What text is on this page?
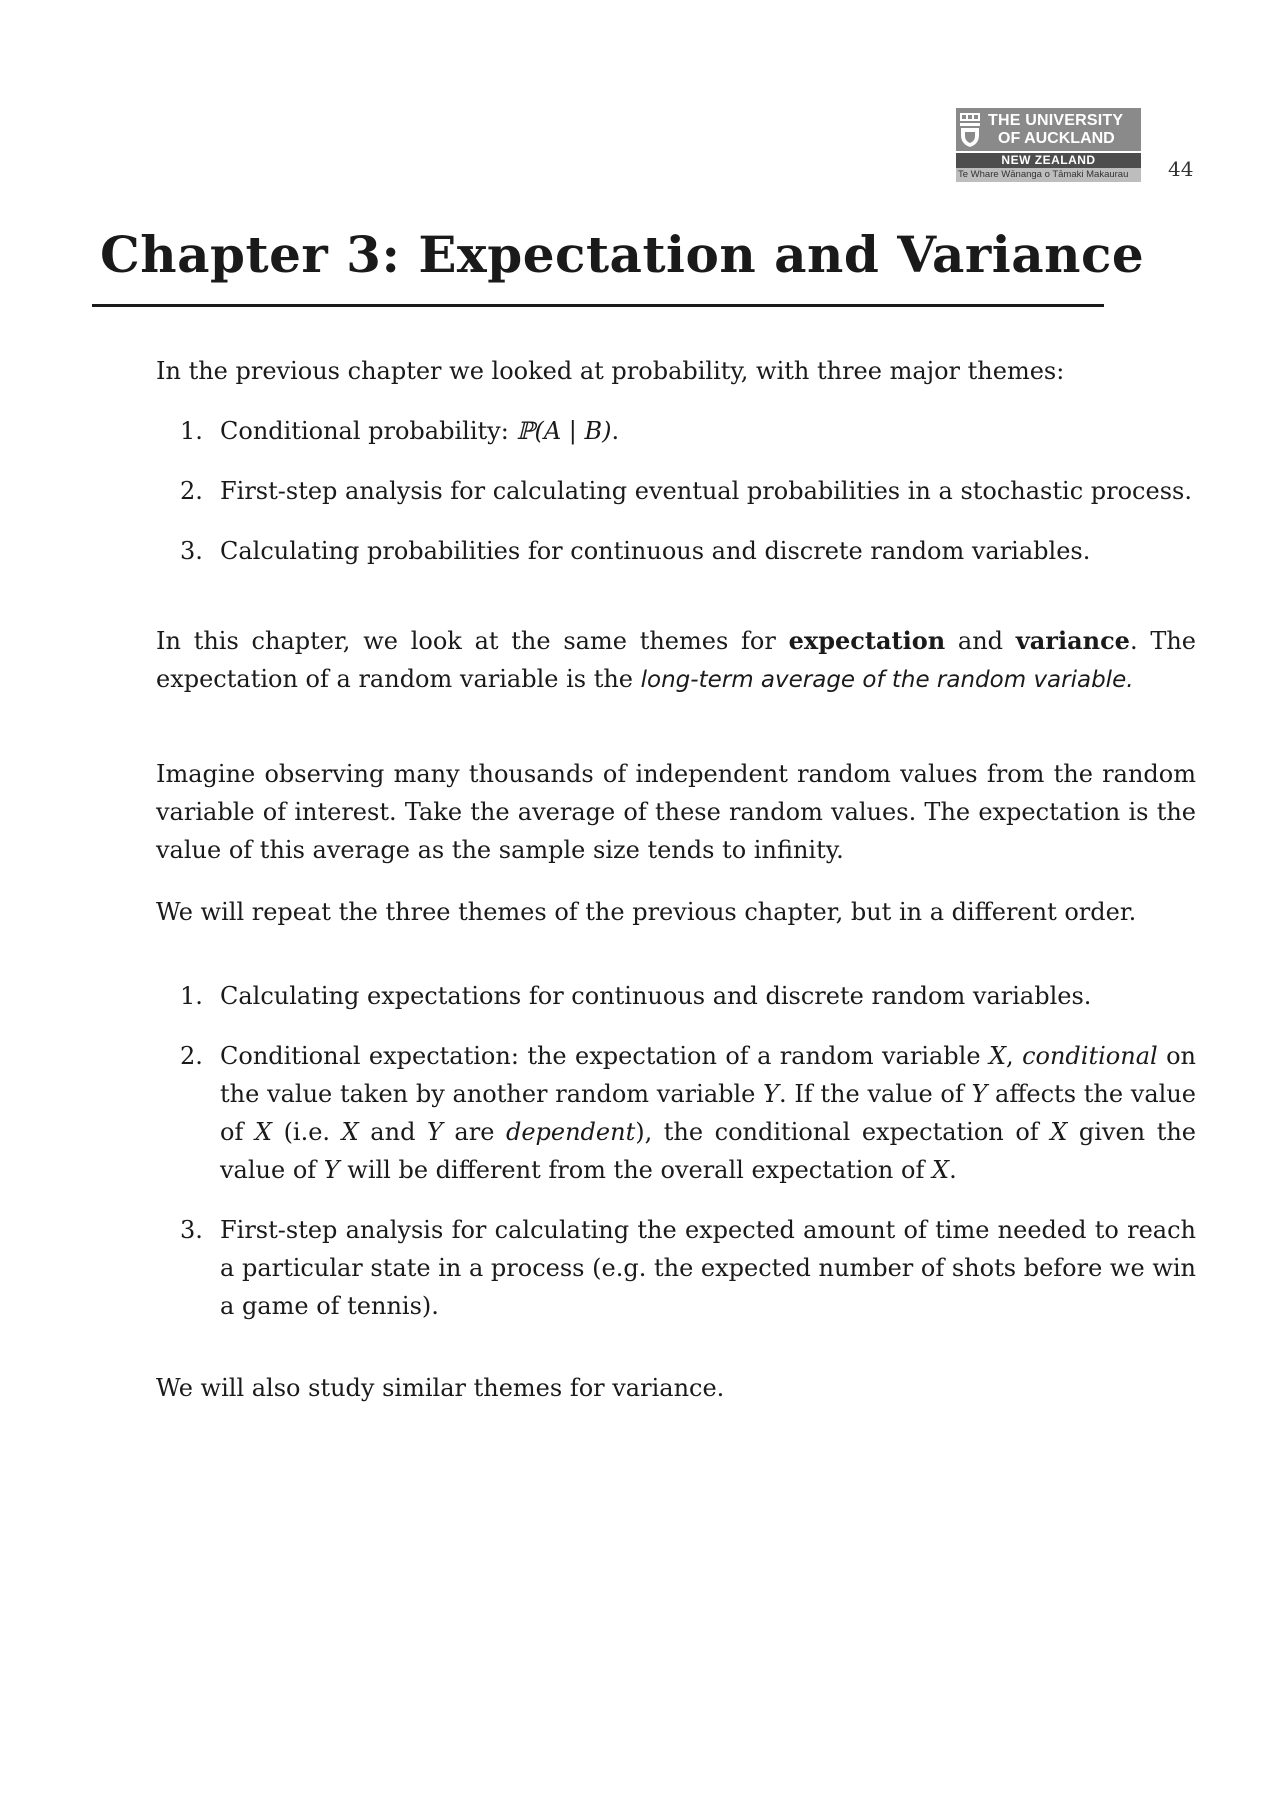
THE UNIVERSITY
OF AUCKLAND
NEW ZEALAND
Te Whare Wānanga o Tāmaki Makaurau	44
Chapter 3: Expectation and Variance

In the previous chapter we looked at probability, with three major themes:

1. Conditional probability: ℙ(A | B).
2. First-step analysis for calculating eventual probabilities in a stochastic process.
3. Calculating probabilities for continuous and discrete random variables.

In this chapter, we look at the same themes for expectation and variance. The expectation of a random variable is the long-term average of the random variable.

Imagine observing many thousands of independent random values from the random variable of interest. Take the average of these random values. The expectation is the value of this average as the sample size tends to infinity.

We will repeat the three themes of the previous chapter, but in a different order.

1. Calculating expectations for continuous and discrete random variables.
2. Conditional expectation: the expectation of a random variable X, conditional on the value taken by another random variable Y. If the value of Y affects the value of X (i.e. X and Y are dependent), the conditional expectation of X given the value of Y will be different from the overall expectation of X.
3. First-step analysis for calculating the expected amount of time needed to reach a particular state in a process (e.g. the expected number of shots before we win a game of tennis).

We will also study similar themes for variance.
